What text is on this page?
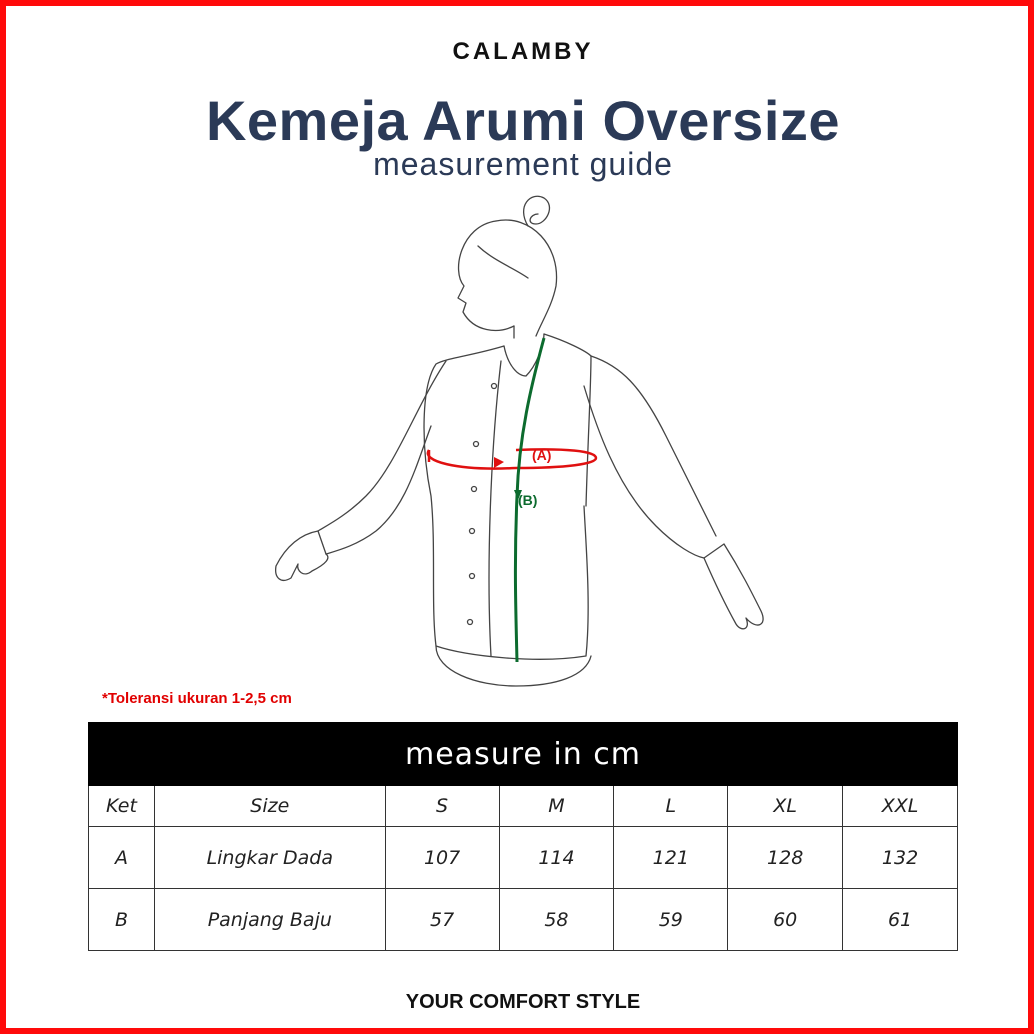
CALAMBY
Kemeja Arumi Oversize
measurement guide
(A)
(B)
*Toleransi ukuran 1-2,5 cm
measure in cm						
Ket	Size	S	M	L	XL	XXL
A	Lingkar Dada	107	114	121	128	132
B	Panjang Baju	57	58	59	60	61
YOUR COMFORT STYLE
